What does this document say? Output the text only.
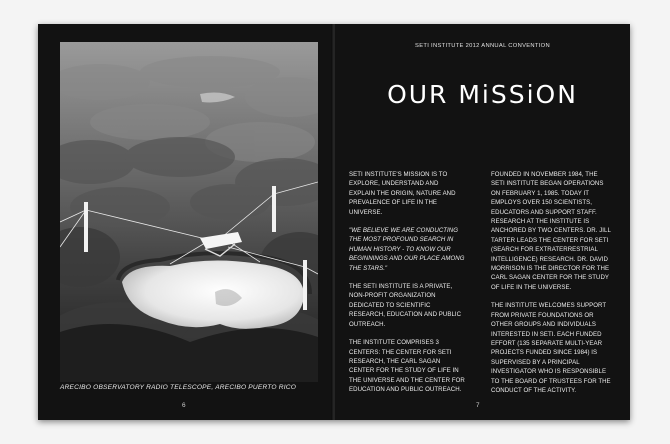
ARECIBO OBSERVATORY RADIO TELESCOPE, ARECIBO PUERTO RICO
6
SETI INSTITUTE 2012 ANNUAL CONVENTION
OUR MiSSiON

SETI INSTITUTE'S MISSION IS TO EXPLORE, UNDERSTAND AND EXPLAIN THE ORIGIN, NATURE AND PREVALENCE OF LIFE IN THE UNIVERSE.

"WE BELIEVE WE ARE CONDUCTING THE MOST PROFOUND SEARCH IN HUMAN HISTORY - TO KNOW OUR BEGINNINGS AND OUR PLACE AMONG THE STARS."

THE SETI INSTITUTE IS A PRIVATE, NON-PROFIT ORGANIZATION DEDICATED TO SCIENTIFIC RESEARCH, EDUCATION AND PUBLIC OUTREACH.

THE INSTITUTE COMPRISES 3 CENTERS: THE CENTER FOR SETI RESEARCH, THE CARL SAGAN CENTER FOR THE STUDY OF LIFE IN THE UNIVERSE AND THE CENTER FOR EDUCATION AND PUBLIC OUTREACH.

FOUNDED IN NOVEMBER 1984, THE SETI INSTITUTE BEGAN OPERATIONS ON FEBRUARY 1, 1985. TODAY IT EMPLOYS OVER 150 SCIENTISTS, EDUCATORS AND SUPPORT STAFF. RESEARCH AT THE INSTITUTE IS ANCHORED BY TWO CENTERS. DR. JILL TARTER LEADS THE CENTER FOR SETI (SEARCH FOR EXTRATERRESTRIAL INTELLIGENCE) RESEARCH. DR. DAVID MORRISON IS THE DIRECTOR FOR THE CARL SAGAN CENTER FOR THE STUDY OF LIFE IN THE UNIVERSE.

THE INSTITUTE WELCOMES SUPPORT FROM PRIVATE FOUNDATIONS OR OTHER GROUPS AND INDIVIDUALS INTERESTED IN SETI. EACH FUNDED EFFORT (135 SEPARATE MULTI-YEAR PROJECTS FUNDED SINCE 1984) IS SUPERVISED BY A PRINCIPAL INVESTIGATOR WHO IS RESPONSIBLE TO THE BOARD OF TRUSTEES FOR THE CONDUCT OF THE ACTIVITY.

7
